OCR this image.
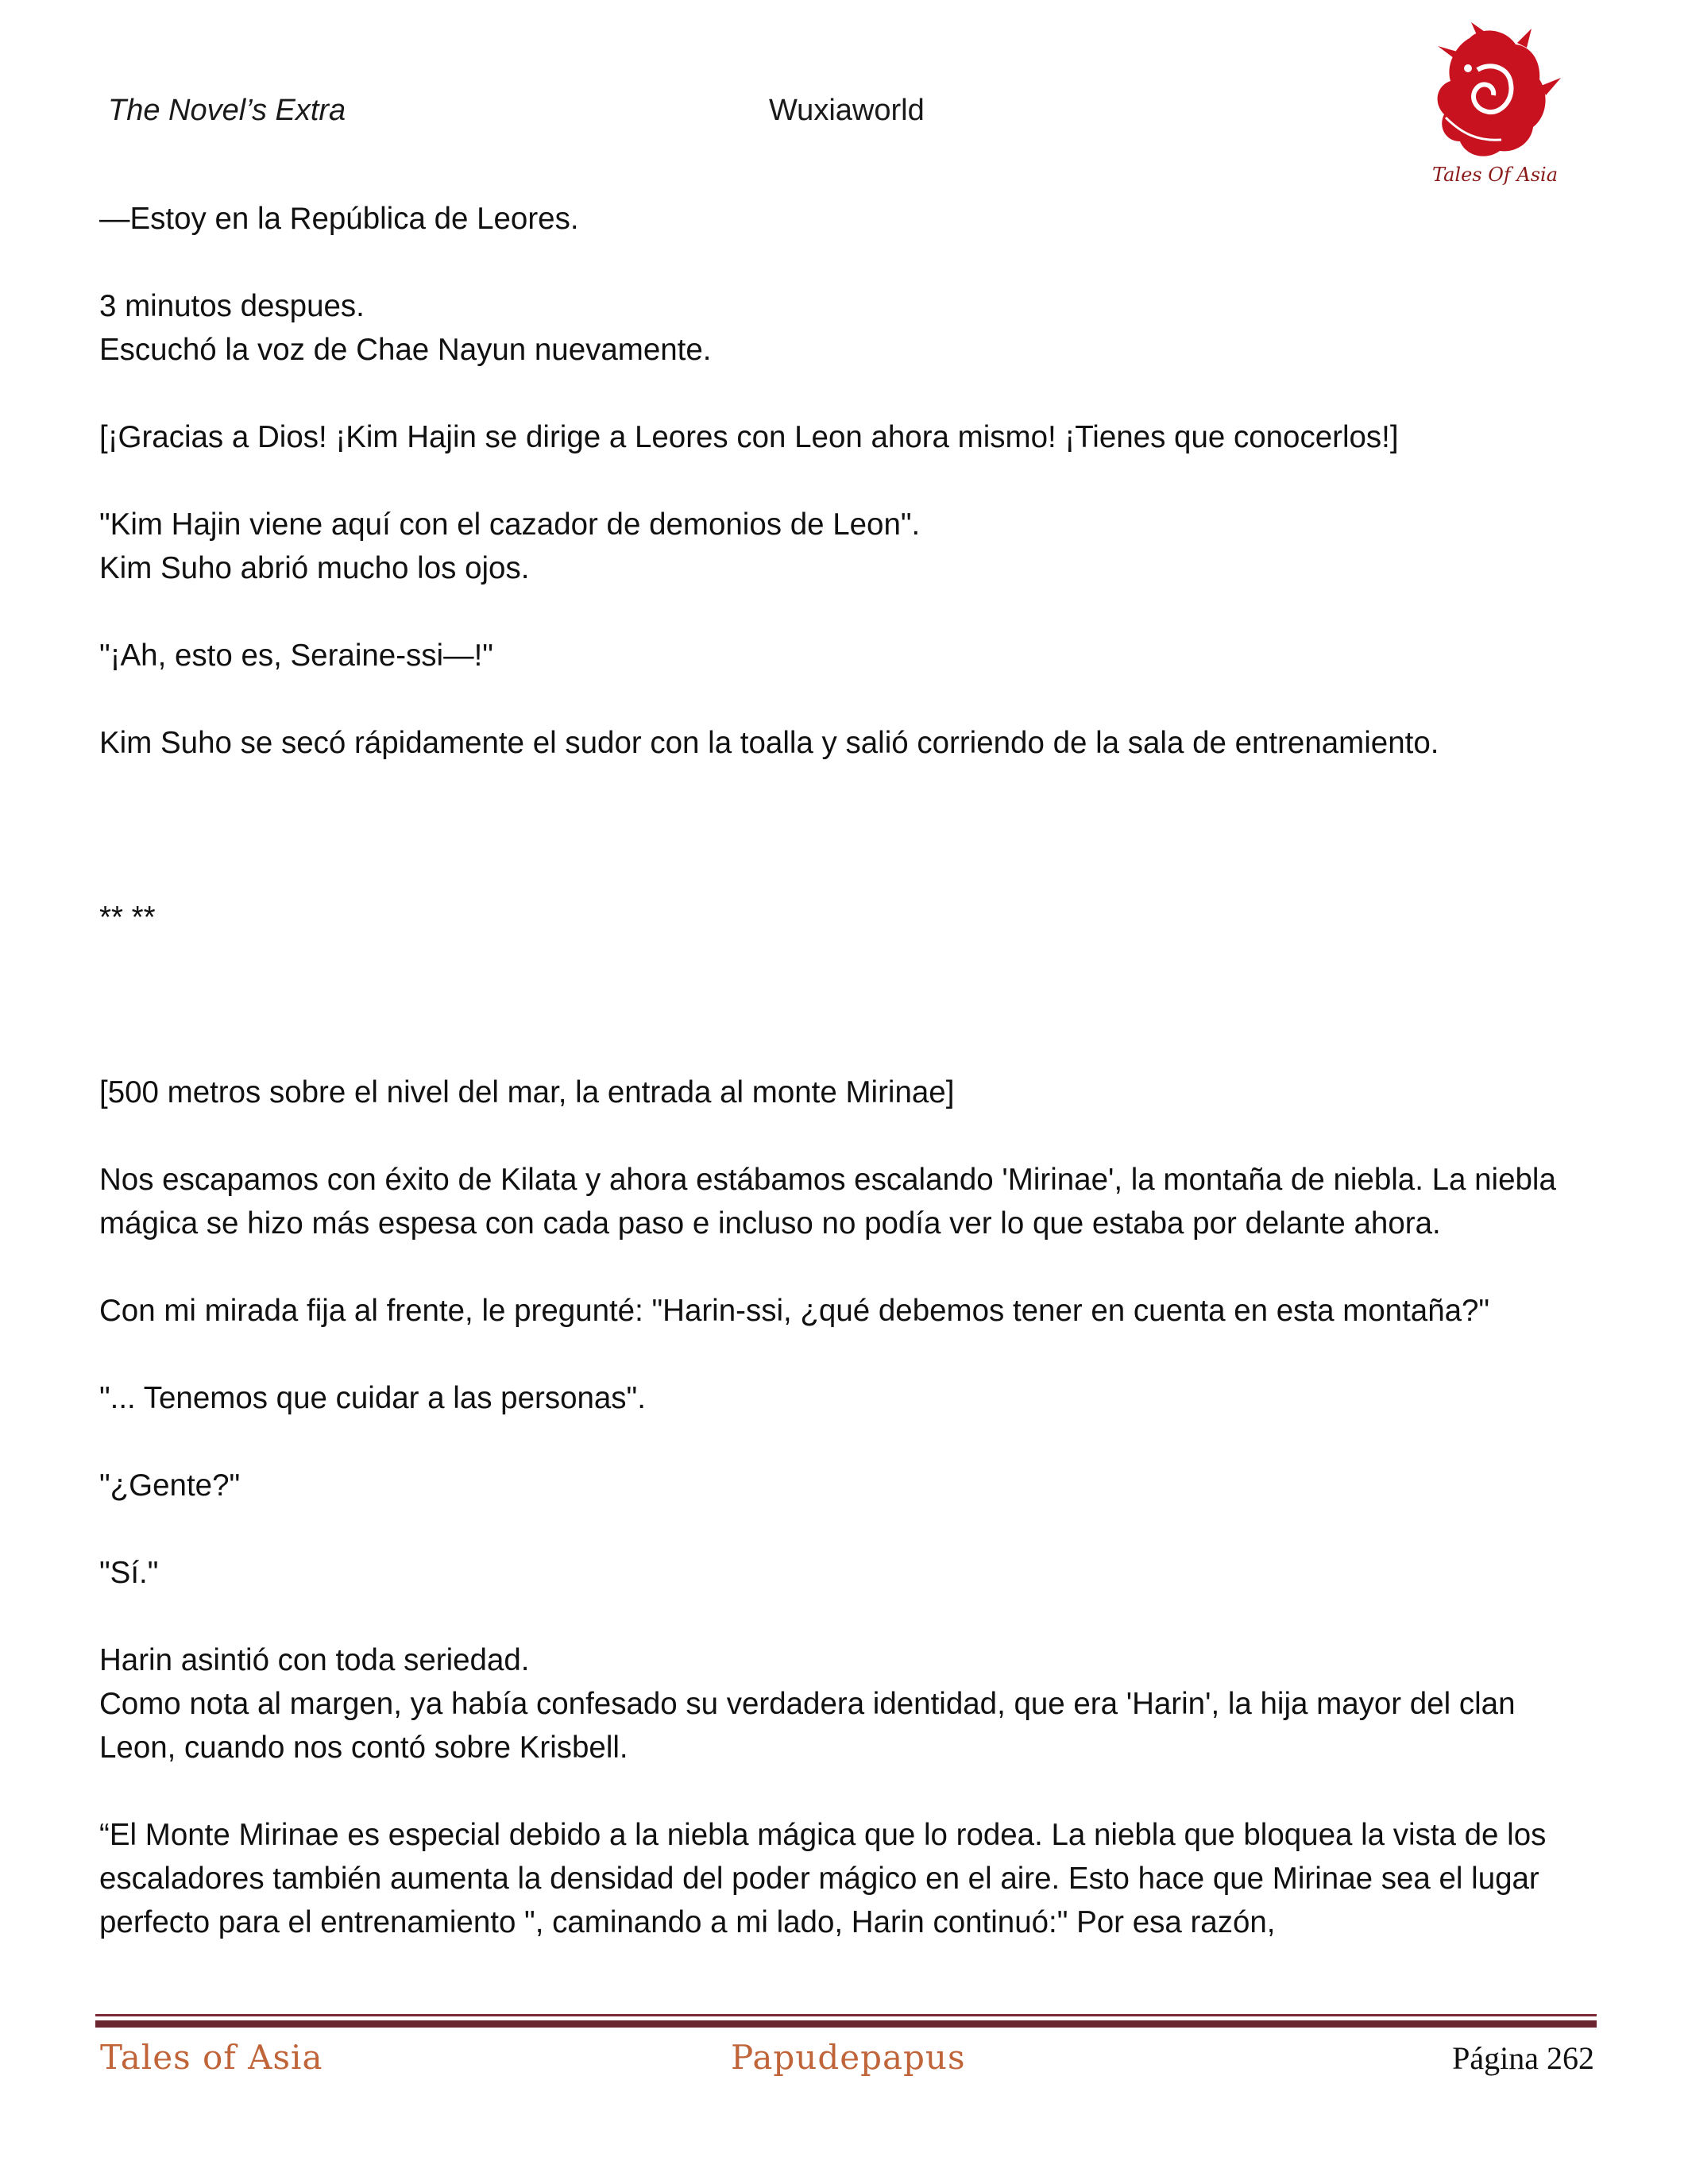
The Novel’s Extra	Wuxiaworld
Tales Of Asia

—Estoy en la República de Leores.

3 minutos despues.
Escuchó la voz de Chae Nayun nuevamente.

[¡Gracias a Dios! ¡Kim Hajin se dirige a Leores con Leon ahora mismo! ¡Tienes que conocerlos!]

"Kim Hajin viene aquí con el cazador de demonios de Leon".
Kim Suho abrió mucho los ojos.

"¡Ah, esto es, Seraine-ssi—!"

Kim Suho se secó rápidamente el sudor con la toalla y salió corriendo de la sala de entrenamiento.

** **

[500 metros sobre el nivel del mar, la entrada al monte Mirinae]

Nos escapamos con éxito de Kilata y ahora estábamos escalando 'Mirinae', la montaña de niebla. La niebla mágica se hizo más espesa con cada paso e incluso no podía ver lo que estaba por delante ahora.

Con mi mirada fija al frente, le pregunté: "Harin-ssi, ¿qué debemos tener en cuenta en esta montaña?"

"... Tenemos que cuidar a las personas".

"¿Gente?"

"Sí."

Harin asintió con toda seriedad.
Como nota al margen, ya había confesado su verdadera identidad, que era 'Harin', la hija mayor del clan Leon, cuando nos contó sobre Krisbell.

“El Monte Mirinae es especial debido a la niebla mágica que lo rodea. La niebla que bloquea la vista de los escaladores también aumenta la densidad del poder mágico en el aire. Esto hace que Mirinae sea el lugar perfecto para el entrenamiento ", caminando a mi lado, Harin continuó:" Por esa razón,

Tales of Asia	Papudepapus	Página 262
